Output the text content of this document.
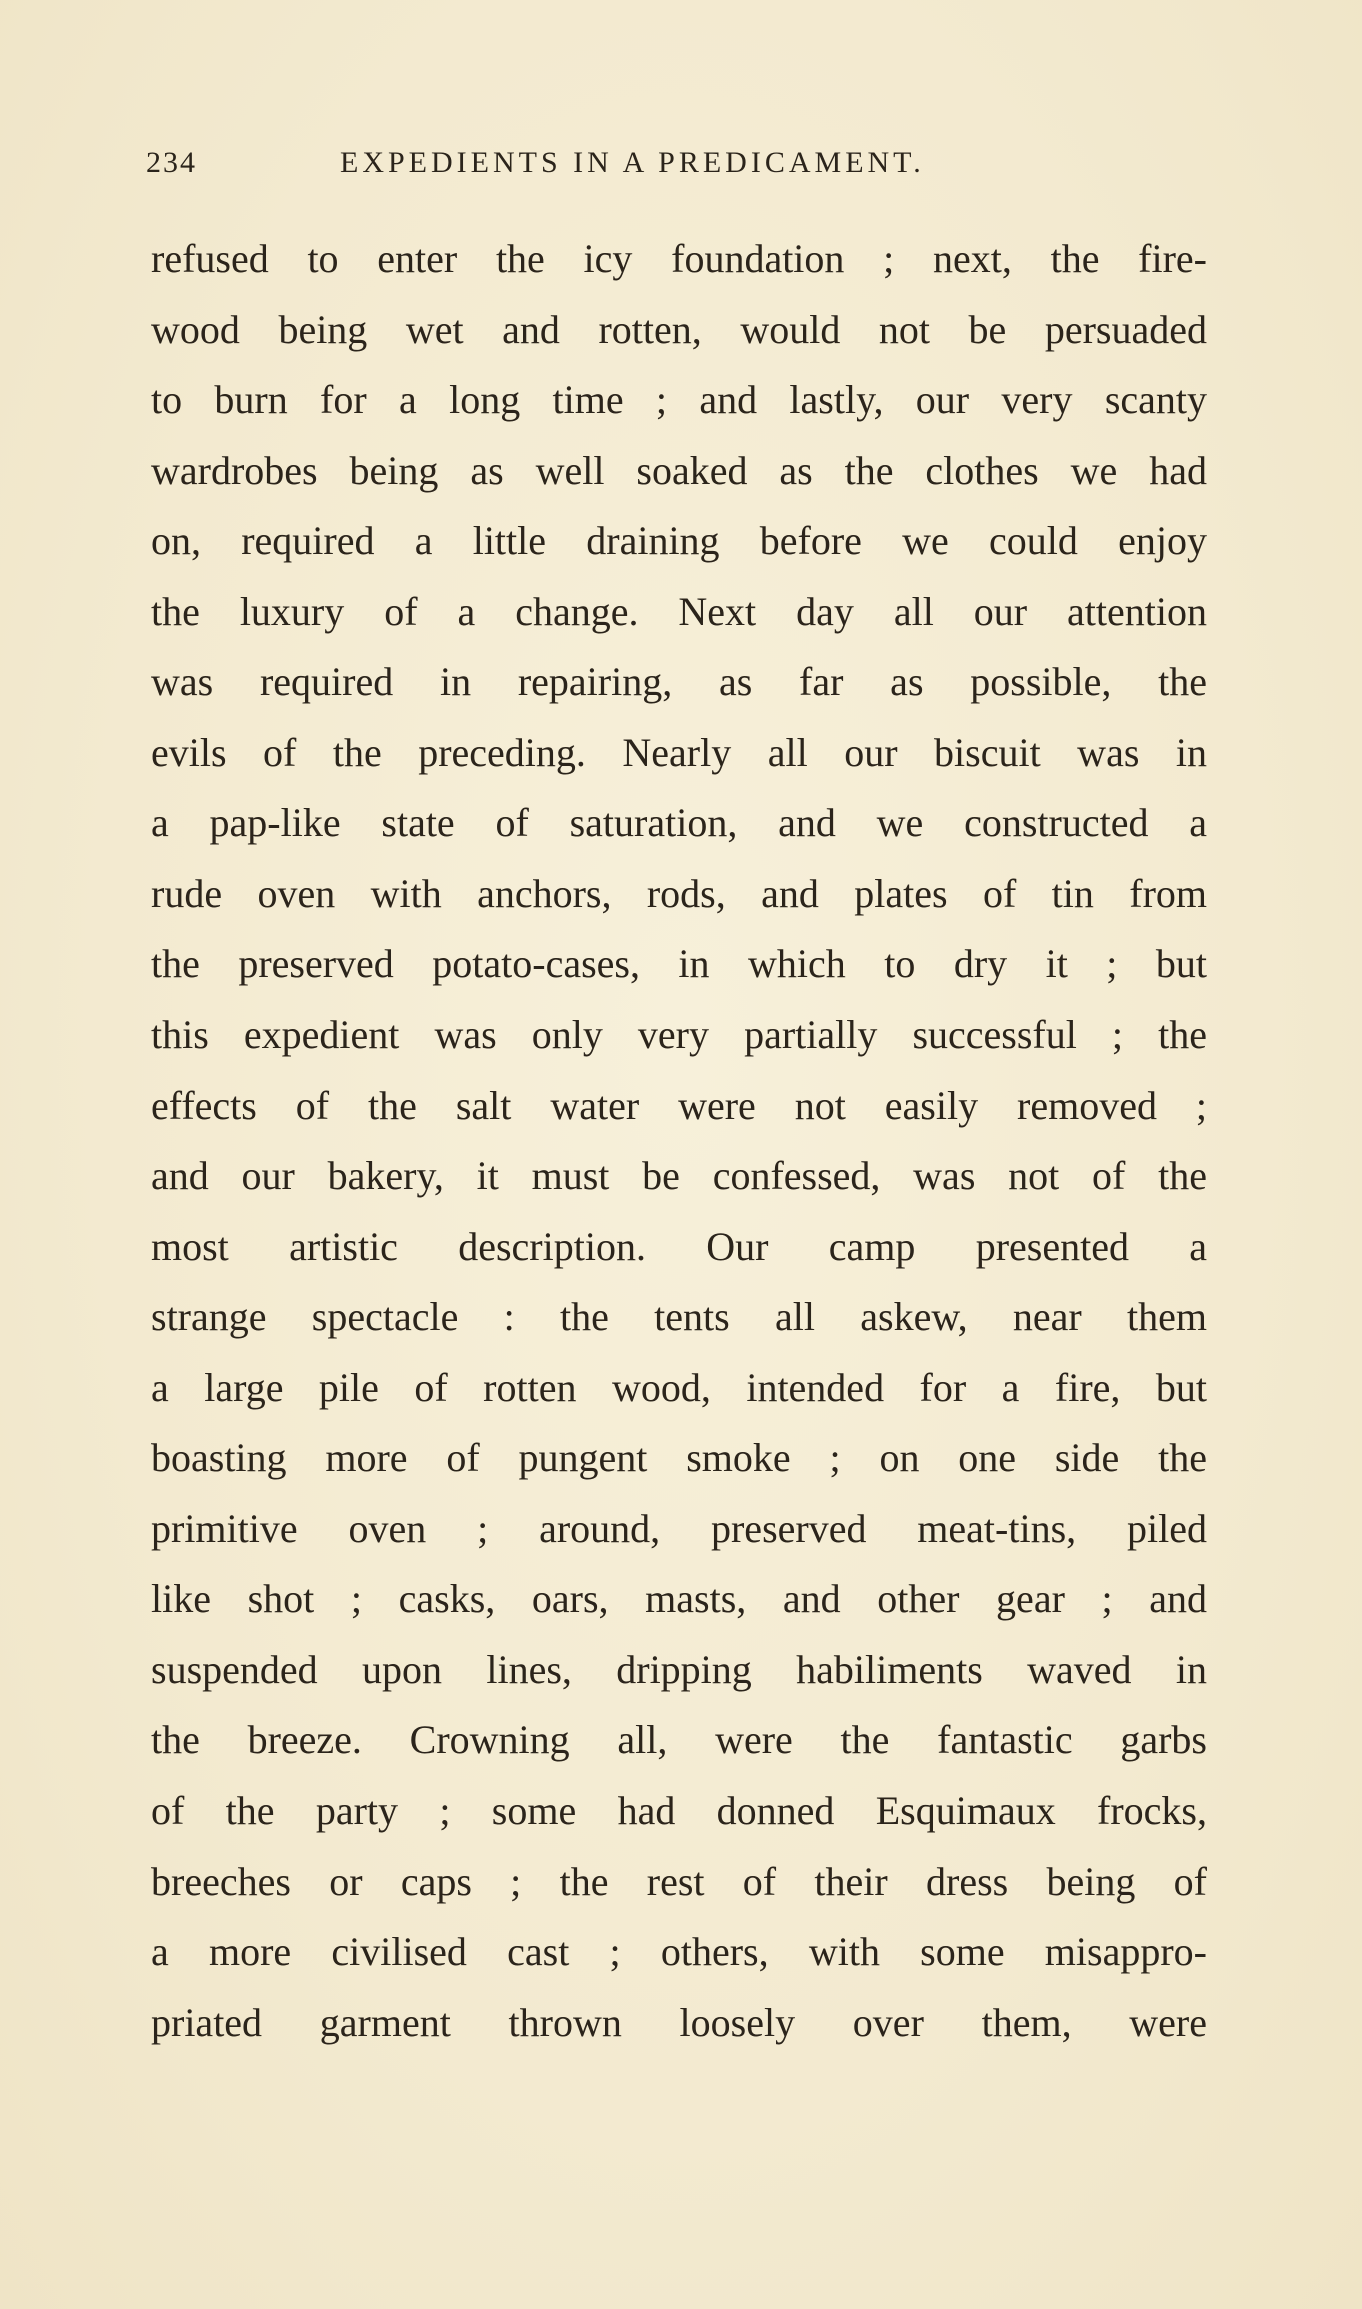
234	EXPEDIENTS IN A PREDICAMENT.
refused to enter the icy foundation ; next, the fire-
wood being wet and rotten, would not be persuaded
to burn for a long time ; and lastly, our very scanty
wardrobes being as well soaked as the clothes we had
on, required a little draining before we could enjoy
the luxury of a change. Next day all our attention
was required in repairing, as far as possible, the
evils of the preceding. Nearly all our biscuit was in
a pap-like state of saturation, and we constructed a
rude oven with anchors, rods, and plates of tin from
the preserved potato-cases, in which to dry it ; but
this expedient was only very partially successful ; the
effects of the salt water were not easily removed ;
and our bakery, it must be confessed, was not of the
most artistic description. Our camp presented a
strange spectacle : the tents all askew, near them
a large pile of rotten wood, intended for a fire, but
boasting more of pungent smoke ; on one side the
primitive oven ; around, preserved meat-tins, piled
like shot ; casks, oars, masts, and other gear ; and
suspended upon lines, dripping habiliments waved in
the breeze. Crowning all, were the fantastic garbs
of the party ; some had donned Esquimaux frocks,
breeches or caps ; the rest of their dress being of
a more civilised cast ; others, with some misappro-
priated garment thrown loosely over them, were
